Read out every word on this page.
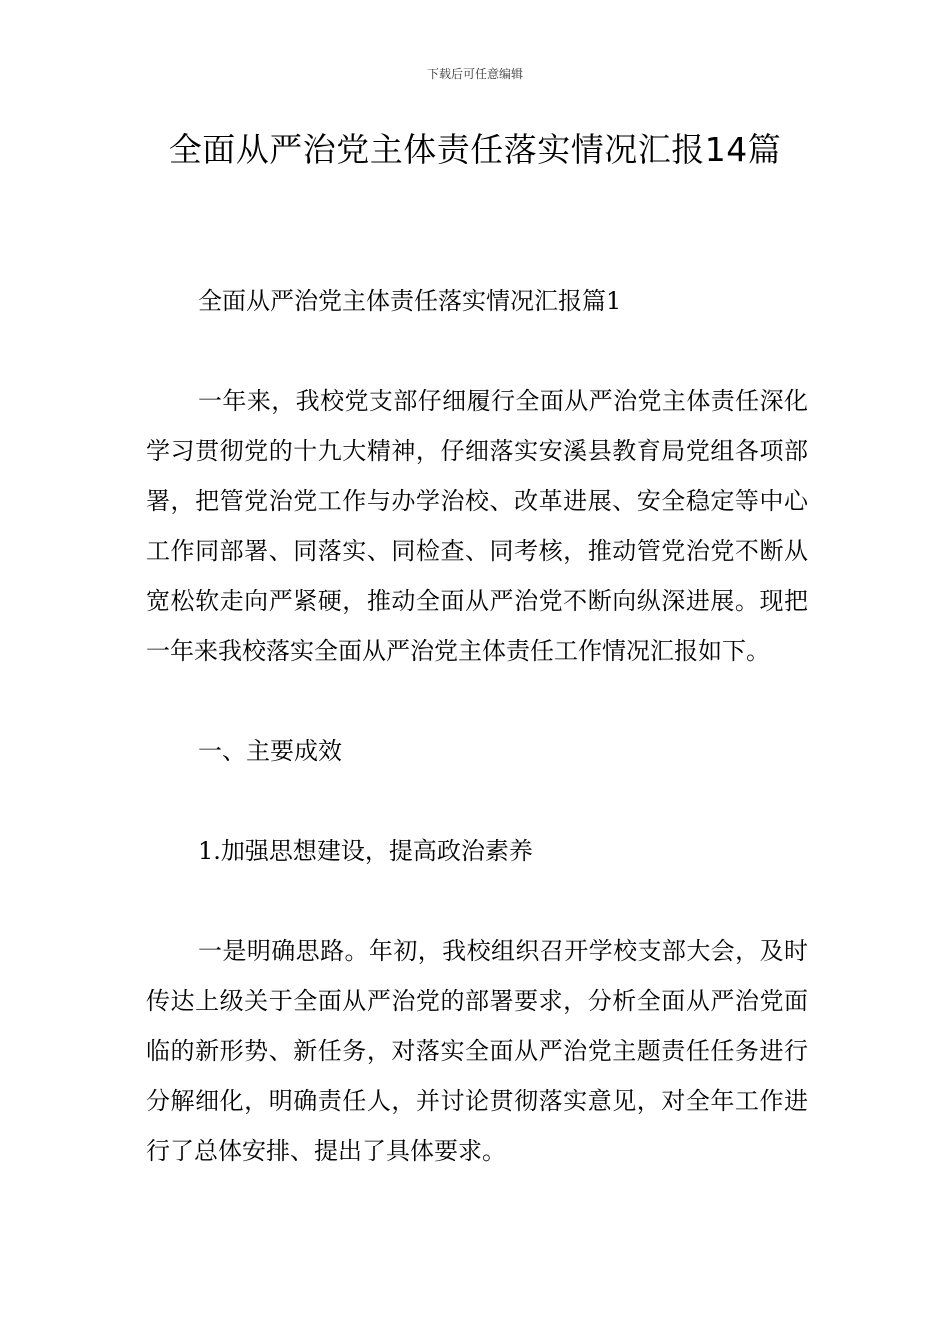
下载后可任意编辑
全面从严治党主体责任落实情况汇报14篇

全面从严治党主体责任落实情况汇报篇1

一年来，我校党支部仔细履行全面从严治党主体责任深化学习贯彻党的十九大精神，仔细落实安溪县教育局党组各项部署，把管党治党工作与办学治校、改革进展、安全稳定等中心工作同部署、同落实、同检查、同考核，推动管党治党不断从宽松软走向严紧硬，推动全面从严治党不断向纵深进展。现把一年来我校落实全面从严治党主体责任工作情况汇报如下。

一、主要成效

1.加强思想建设，提高政治素养

一是明确思路。年初，我校组织召开学校支部大会，及时传达上级关于全面从严治党的部署要求，分析全面从严治党面临的新形势、新任务，对落实全面从严治党主题责任任务进行分解细化，明确责任人，并讨论贯彻落实意见，对全年工作进行了总体安排、提出了具体要求。
